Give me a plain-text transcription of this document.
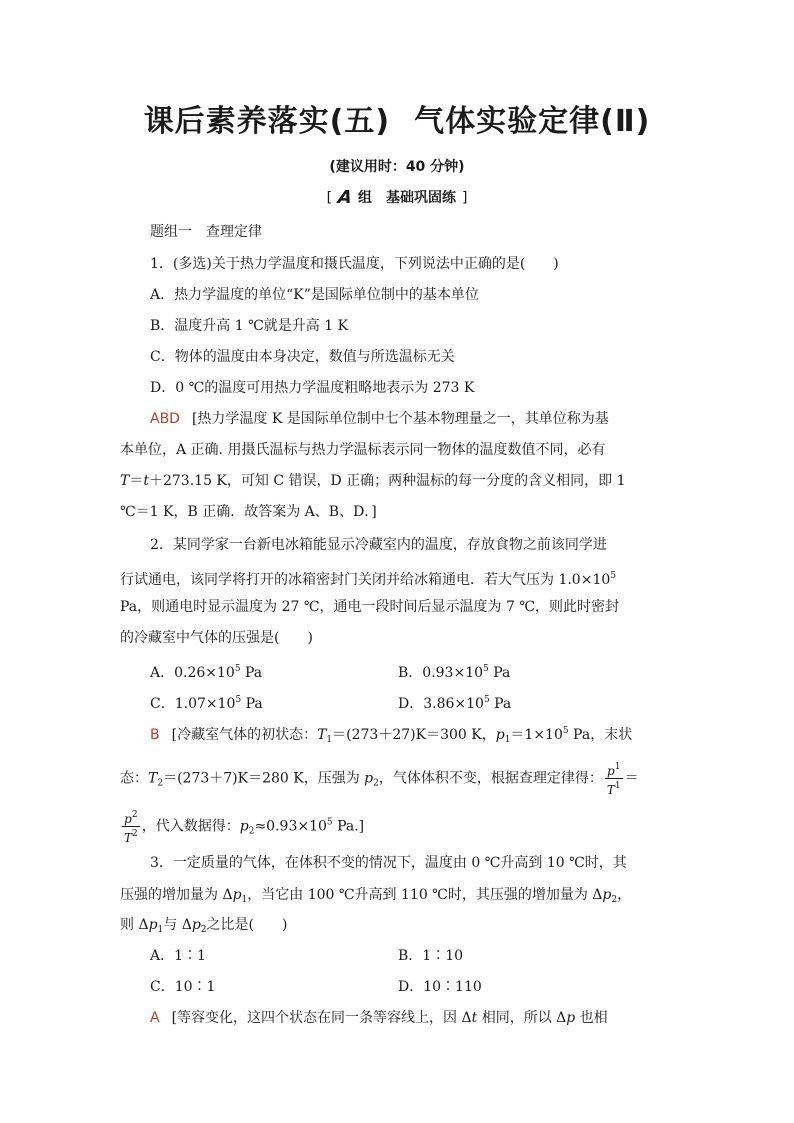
课后素养落实(五) 气体实验定律(Ⅱ)
(建议用时：40 分钟)
[ A 组　基础巩固练 ]
题组一　查理定律
1．(多选)关于热力学温度和摄氏温度，下列说法中正确的是(　　)
A．热力学温度的单位“K”是国际单位制中的基本单位
B．温度升高 1 ℃就是升高 1 K
C．物体的温度由本身决定，数值与所选温标无关
D．0 ℃的温度可用热力学温度粗略地表示为 273 K
ABD [热力学温度 K 是国际单位制中七个基本物理量之一，其单位称为基
本单位，A 正确. 用摄氏温标与热力学温标表示同一物体的温度数值不同，必有
T＝t＋273.15 K，可知 C 错误，D 正确；两种温标的每一分度的含义相同，即 1
℃＝1 K，B 正确．故答案为 A、B、D．]
2．某同学家一台新电冰箱能显示冷藏室内的温度，存放食物之前该同学进
行试通电，该同学将打开的冰箱密封门关闭并给冰箱通电．若大气压为 $1.0\times 10^5$
Pa，则通电时显示温度为 27 ℃，通电一段时间后显示温度为 7 ℃，则此时密封
的冷藏室中气体的压强是(　　)
A．$0.26\times 10^5$ Pa	B．$0.93\times 10^5$ Pa
C．$1.07\times 10^5$ Pa	D．$3.86\times 10^5$ Pa
B [冷藏室气体的初状态：$T_1=(273+27)K=300$ K，$p_1=1\times 10^5$ Pa，末状
态：$T_2=(273+7)K=280$ K，压强为 $p_2$，气体体积不变，根据查理定律得： $\frac{p^1}{T^1}$ ＝
$\frac{p^2}{T^2}$ ，代入数据得：$p_2\approx 0.93\times 10^5$ Pa.]
3．一定质量的气体，在体积不变的情况下，温度由 0 ℃升高到 10 ℃时，其
压强的增加量为 $\Delta p_1$，当它由 100 ℃升高到 110 ℃时，其压强的增加量为 $\Delta p_2$，
则 $\Delta p_1$与 $\Delta p_2$之比是(　　)
A．1∶1	B．1∶10
C．10∶1	D．10∶110
A [等容变化，这四个状态在同一条等容线上，因 Δt 相同，所以 Δp 也相
